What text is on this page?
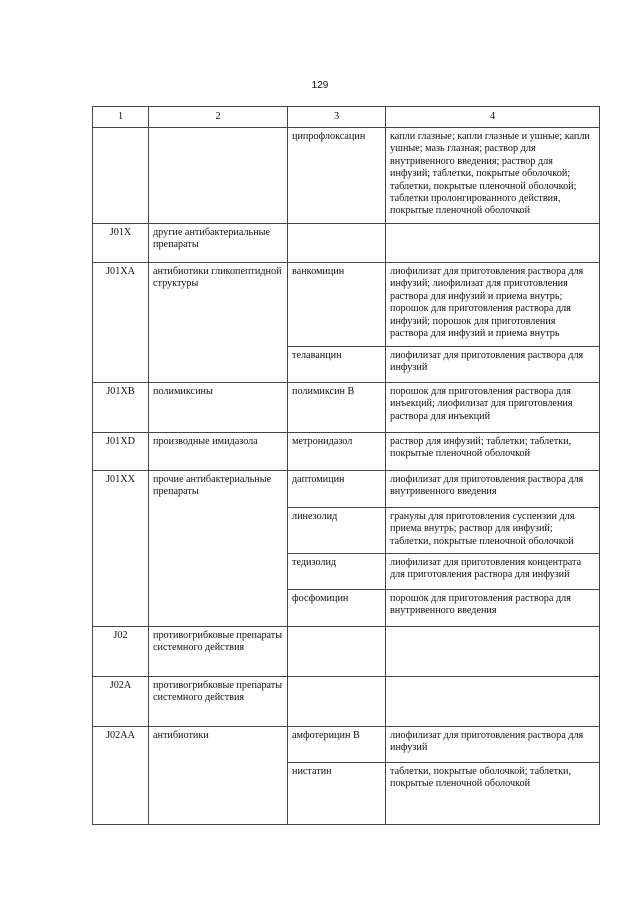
129
1	2	3	4
		ципрофлоксацин	капли глазные; капли глазные и ушные; капли ушные; мазь глазная; раствор для внутривенного введения; раствор для инфузий; таблетки, покрытые оболочкой; таблетки, покрытые пленочной оболочкой; таблетки пролонгированного действия, покрытые пленочной оболочкой
J01X	другие антибактериальные препараты		
J01XA	антибиотики гликопептидной структуры	ванкомицин	лиофилизат для приготовления раствора для инфузий; лиофилизат для приготовления раствора для инфузий и приема внутрь; порошок для приготовления раствора для инфузий; порошок для приготовления раствора для инфузий и приема внутрь
		телаванцин	лиофилизат для приготовления раствора для инфузий
J01XB	полимиксины	полимиксин В	порошок для приготовления раствора для инъекций; лиофилизат для приготовления раствора для инъекций
J01XD	производные имидазола	метронидазол	раствор для инфузий; таблетки; таблетки, покрытые пленочной оболочкой
J01XX	прочие антибактериальные препараты	даптомицин	лиофилизат для приготовления раствора для внутривенного введения
		линезолид	гранулы для приготовления суспензии для приема внутрь; раствор для инфузий; таблетки, покрытые пленочной оболочкой
		тедизолид	лиофилизат для приготовления концентрата для приготовления раствора для инфузий
		фосфомицин	порошок для приготовления раствора для внутривенного введения
J02	противогрибковые препараты системного действия		
J02A	противогрибковые препараты системного действия		
J02AA	антибиотики	амфотерицин В	лиофилизат для приготовления раствора для инфузий
		нистатин	таблетки, покрытые оболочкой; таблетки, покрытые пленочной оболочкой
